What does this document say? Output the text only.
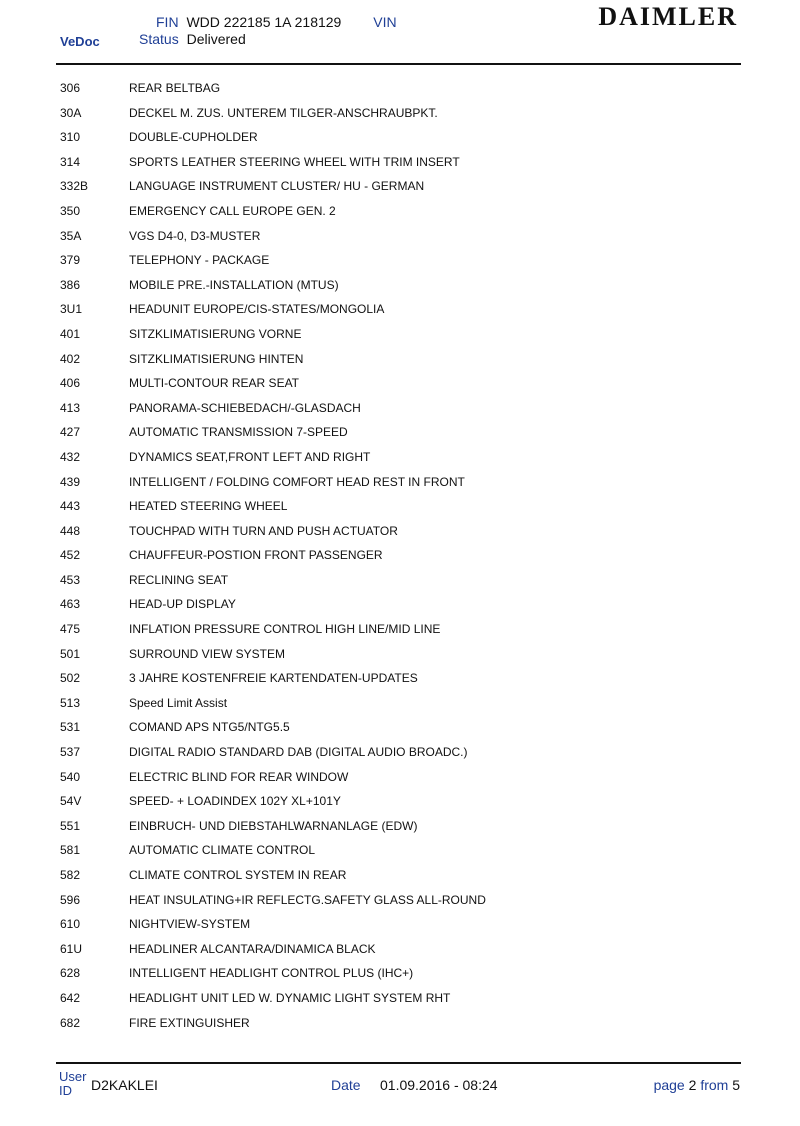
VeDoc
FIN WDD 222185 1A 218129 VIN
Status Delivered
DAIMLER
306	REAR BELTBAG
30A	DECKEL M. ZUS. UNTEREM TILGER-ANSCHRAUBPKT.
310	DOUBLE-CUPHOLDER
314	SPORTS LEATHER STEERING WHEEL WITH TRIM INSERT
332B	LANGUAGE INSTRUMENT CLUSTER/ HU - GERMAN
350	EMERGENCY CALL EUROPE GEN. 2
35A	VGS D4-0, D3-MUSTER
379	TELEPHONY - PACKAGE
386	MOBILE PRE.-INSTALLATION (MTUS)
3U1	HEADUNIT EUROPE/CIS-STATES/MONGOLIA
401	SITZKLIMATISIERUNG VORNE
402	SITZKLIMATISIERUNG HINTEN
406	MULTI-CONTOUR REAR SEAT
413	PANORAMA-SCHIEBEDACH/-GLASDACH
427	AUTOMATIC TRANSMISSION 7-SPEED
432	DYNAMICS SEAT,FRONT LEFT AND RIGHT
439	INTELLIGENT / FOLDING COMFORT HEAD REST IN FRONT
443	HEATED STEERING WHEEL
448	TOUCHPAD WITH TURN AND PUSH ACTUATOR
452	CHAUFFEUR-POSTION FRONT PASSENGER
453	RECLINING SEAT
463	HEAD-UP DISPLAY
475	INFLATION PRESSURE CONTROL HIGH LINE/MID LINE
501	SURROUND VIEW SYSTEM
502	3 JAHRE KOSTENFREIE KARTENDATEN-UPDATES
513	Speed Limit Assist
531	COMAND APS NTG5/NTG5.5
537	DIGITAL RADIO STANDARD DAB (DIGITAL AUDIO BROADC.)
540	ELECTRIC BLIND FOR REAR WINDOW
54V	SPEED- + LOADINDEX 102Y XL+101Y
551	EINBRUCH- UND DIEBSTAHLWARNANLAGE (EDW)
581	AUTOMATIC CLIMATE CONTROL
582	CLIMATE CONTROL SYSTEM IN REAR
596	HEAT INSULATING+IR REFLECTG.SAFETY GLASS ALL-ROUND
610	NIGHTVIEW-SYSTEM
61U	HEADLINER ALCANTARA/DINAMICA BLACK
628	INTELLIGENT HEADLIGHT CONTROL PLUS (IHC+)
642	HEADLIGHT UNIT LED W. DYNAMIC LIGHT SYSTEM RHT
682	FIRE EXTINGUISHER
User ID	D2KAKLEI	Date 01.09.2016 - 08:24	page 2 from 5
